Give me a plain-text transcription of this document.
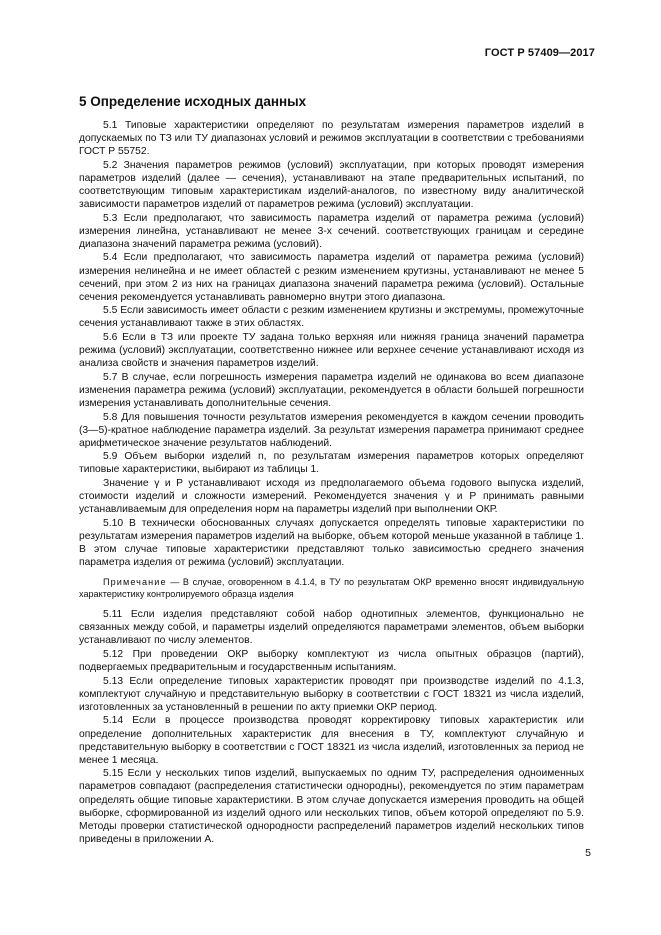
ГОСТ Р 57409—2017
5 Определение исходных данных

5.1 Типовые характеристики определяют по результатам измерения параметров изделий в допускаемых по ТЗ или ТУ диапазонах условий и режимов эксплуатации в соответствии с требованиями ГОСТ Р 55752.

5.2 Значения параметров режимов (условий) эксплуатации, при которых проводят измерения параметров изделий (далее — сечения), устанавливают на этапе предварительных испытаний, по соответствующим типовым характеристикам изделий-аналогов, по известному виду аналитической зависимости параметров изделий от параметров режима (условий) эксплуатации.

5.3 Если предполагают, что зависимость параметра изделий от параметра режима (условий) измерения линейна, устанавливают не менее 3-х сечений. соответствующих границам и середине диапазона значений параметра режима (условий).

5.4 Если предполагают, что зависимость параметра изделий от параметра режима (условий) измерения нелинейна и не имеет областей с резким изменением крутизны, устанавливают не менее 5 сечений, при этом 2 из них на границах диапазона значений параметра режима (условий). Остальные сечения рекомендуется устанавливать равномерно внутри этого диапазона.

5.5 Если зависимость имеет области с резким изменением крутизны и экстремумы, промежуточные сечения устанавливают также в этих областях.

5.6 Если в ТЗ или проекте ТУ задана только верхняя или нижняя граница значений параметра режима (условий) эксплуатации, соответственно нижнее или верхнее сечение устанавливают исходя из анализа свойств и значения параметров изделий.

5.7 В случае, если погрешность измерения параметра изделий не одинакова во всем диапазоне изменения параметра режима (условий) эксплуатации, рекомендуется в области большей погрешности измерения устанавливать дополнительные сечения.

5.8 Для повышения точности результатов измерения рекомендуется в каждом сечении проводить (3—5)-кратное наблюдение параметра изделий. За результат измерения параметра принимают среднее арифметическое значение результатов наблюдений.

5.9 Объем выборки изделий n, по результатам измерения параметров которых определяют типовые характеристики, выбирают из таблицы 1.

Значение γ и P устанавливают исходя из предполагаемого объема годового выпуска изделий, стоимости изделий и сложности измерений. Рекомендуется значения γ и P принимать равными устанавливаемым для определения норм на параметры изделий при выполнении ОКР.

5.10 В технически обоснованных случаях допускается определять типовые характеристики по результатам измерения параметров изделий на выборке, объем которой меньше указанной в таблице 1. В этом случае типовые характеристики представляют только зависимостью среднего значения параметра изделия от режима (условий) эксплуатации.

Примечание — В случае, оговоренном в 4.1.4, в ТУ по результатам ОКР временно вносят индивидуальную характеристику контролируемого образца изделия

5.11 Если изделия представляют собой набор однотипных элементов, функционально не связанных между собой, и параметры изделий определяются параметрами элементов, объем выборки устанавливают по числу элементов.

5.12 При проведении ОКР выборку комплектуют из числа опытных образцов (партий), подвергаемых предварительным и государственным испытаниям.

5.13 Если определение типовых характеристик проводят при производстве изделий по 4.1.3, комплектуют случайную и представительную выборку в соответствии с ГОСТ 18321 из числа изделий, изготовленных за установленный в решении по акту приемки ОКР период.

5.14 Если в процессе производства проводят корректировку типовых характеристик или определение дополнительных характеристик для внесения в ТУ, комплектуют случайную и представительную выборку в соответствии с ГОСТ 18321 из числа изделий, изготовленных за период не менее 1 месяца.

5.15 Если у нескольких типов изделий, выпускаемых по одним ТУ, распределения одноименных параметров совпадают (распределения статистически однородны), рекомендуется по этим параметрам определять общие типовые характеристики. В этом случае допускается измерения проводить на общей выборке, сформированной из изделий одного или нескольких типов, объем которой определяют по 5.9. Методы проверки статистической однородности распределений параметров изделий нескольких типов приведены в приложении А.

5
